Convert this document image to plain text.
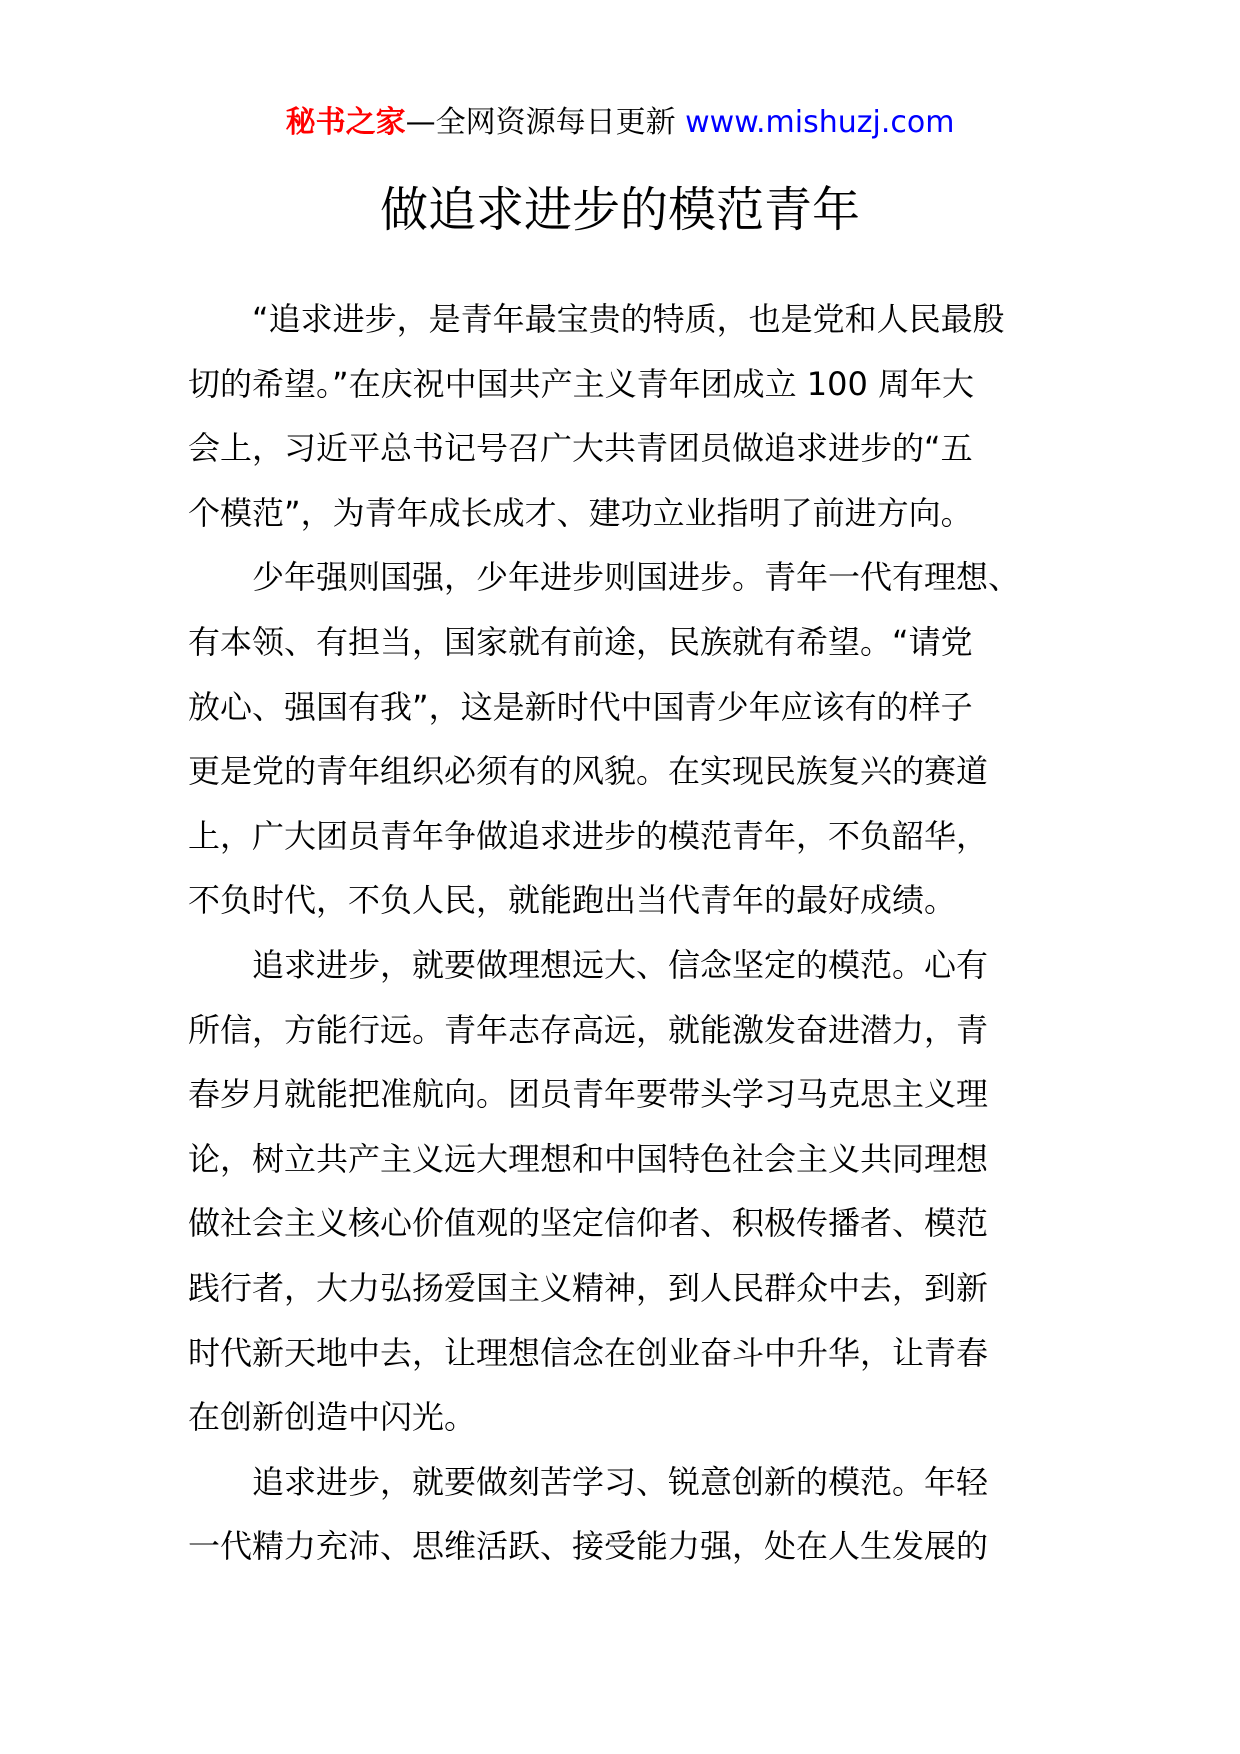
秘书之家—全网资源每日更新 www.mishuzj.com
做追求进步的模范青年
“追求进步，是青年最宝贵的特质，也是党和人民最殷
切的希望。”在庆祝中国共产主义青年团成立 100 周年大
会上，习近平总书记号召广大共青团员做追求进步的“五
个模范”，为青年成长成才、建功立业指明了前进方向。
少年强则国强，少年进步则国进步。青年一代有理想、
有本领、有担当，国家就有前途，民族就有希望。“请党
放心、强国有我”，这是新时代中国青少年应该有的样子
更是党的青年组织必须有的风貌。在实现民族复兴的赛道
上，广大团员青年争做追求进步的模范青年，不负韶华，
不负时代，不负人民，就能跑出当代青年的最好成绩。
追求进步，就要做理想远大、信念坚定的模范。心有
所信，方能行远。青年志存高远，就能激发奋进潜力，青
春岁月就能把准航向。团员青年要带头学习马克思主义理
论，树立共产主义远大理想和中国特色社会主义共同理想
做社会主义核心价值观的坚定信仰者、积极传播者、模范
践行者，大力弘扬爱国主义精神，到人民群众中去，到新
时代新天地中去，让理想信念在创业奋斗中升华，让青春
在创新创造中闪光。
追求进步，就要做刻苦学习、锐意创新的模范。年轻
一代精力充沛、思维活跃、接受能力强，处在人生发展的
